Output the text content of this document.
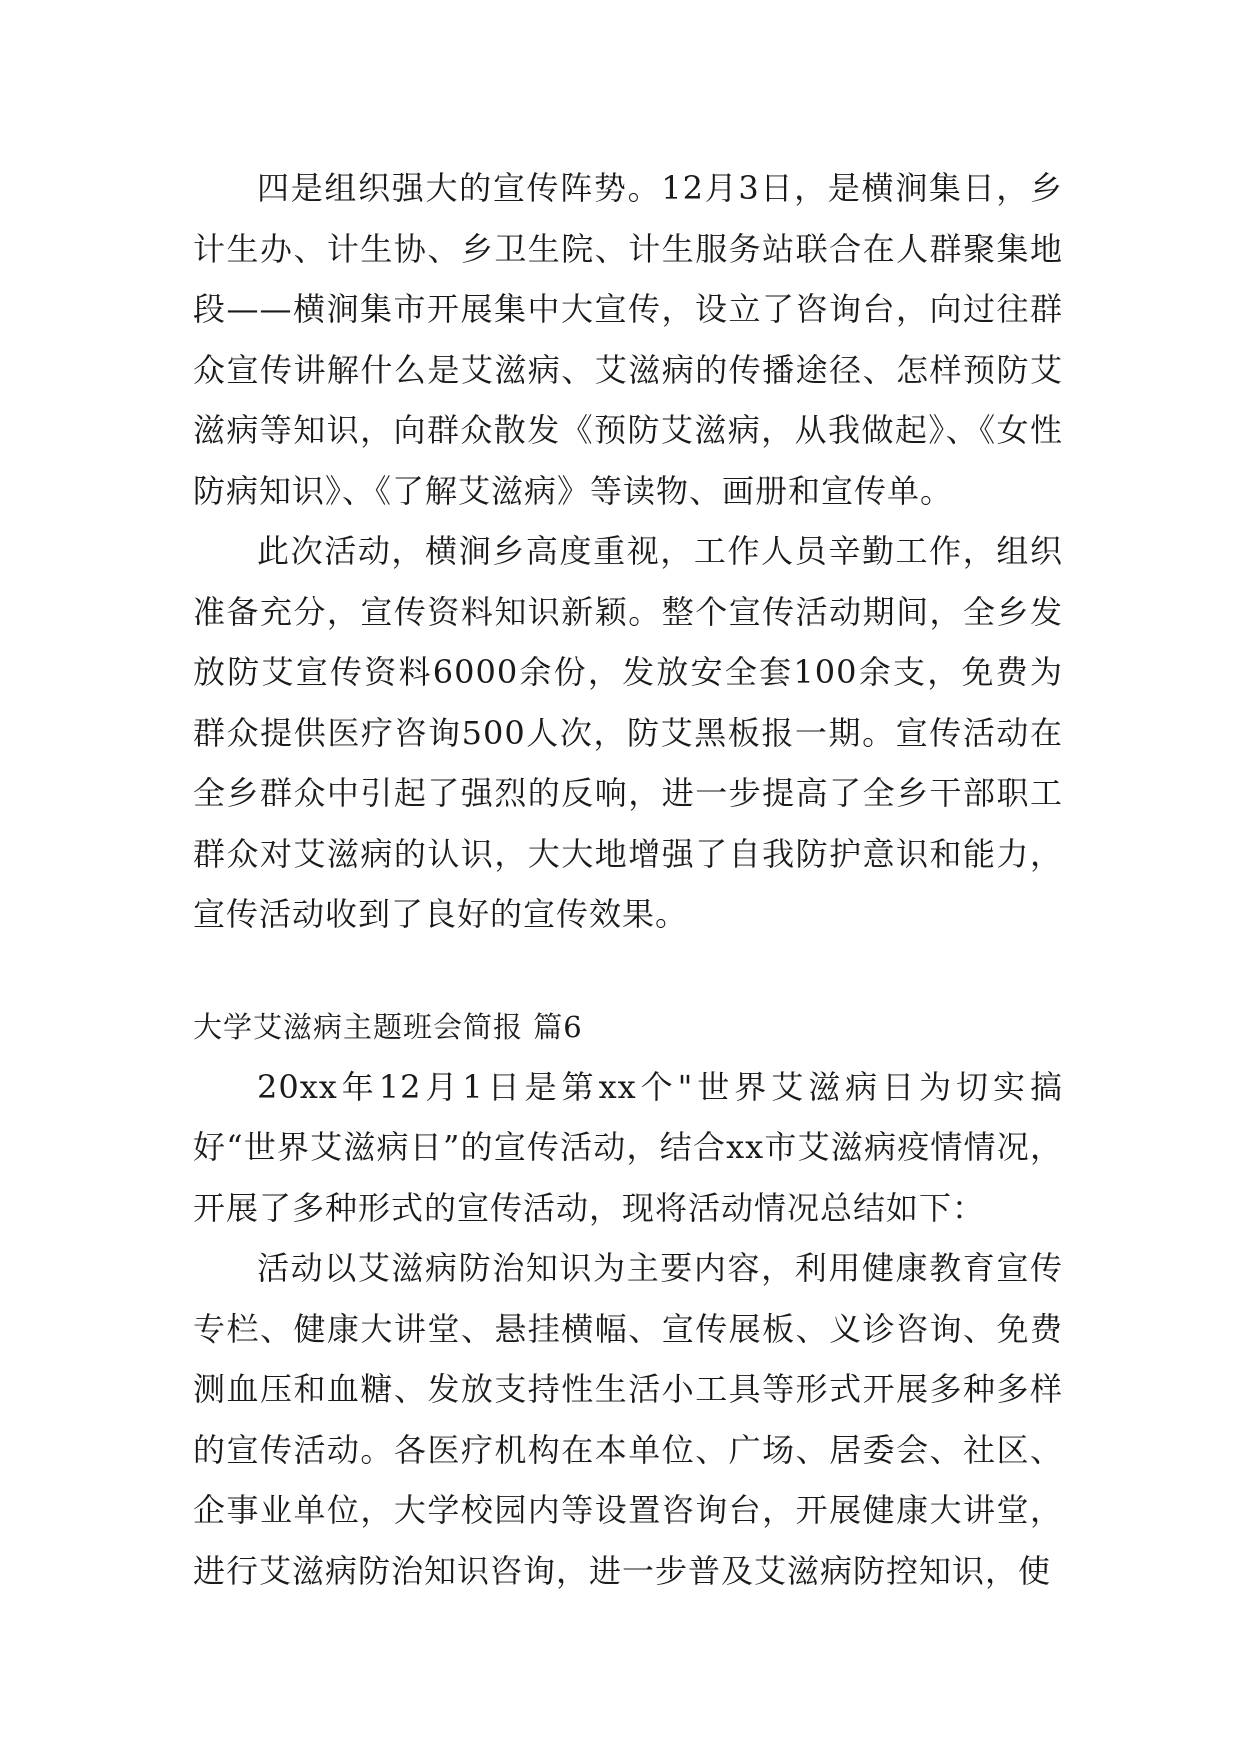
四是组织强大的宣传阵势。12月3日，是横涧集日，乡计生办、计生协、乡卫生院、计生服务站联合在人群聚集地段——横涧集市开展集中大宣传，设立了咨询台，向过往群众宣传讲解什么是艾滋病、艾滋病的传播途径、怎样预防艾滋病等知识，向群众散发《预防艾滋病，从我做起》、《女性防病知识》、《了解艾滋病》等读物、画册和宣传单。

此次活动，横涧乡高度重视，工作人员辛勤工作，组织准备充分，宣传资料知识新颖。整个宣传活动期间，全乡发放防艾宣传资料6000余份，发放安全套100余支，免费为群众提供医疗咨询500人次，防艾黑板报一期。宣传活动在全乡群众中引起了强烈的反响，进一步提高了全乡干部职工群众对艾滋病的认识，大大地增强了自我防护意识和能力，宣传活动收到了良好的宣传效果。

大学艾滋病主题班会简报 篇6

20xx年12月1日是第xx个"世界艾滋病日为切实搞好“世界艾滋病日”的宣传活动，结合xx市艾滋病疫情情况，开展了多种形式的宣传活动，现将活动情况总结如下：

活动以艾滋病防治知识为主要内容，利用健康教育宣传专栏、健康大讲堂、悬挂横幅、宣传展板、义诊咨询、免费测血压和血糖、发放支持性生活小工具等形式开展多种多样的宣传活动。各医疗机构在本单位、广场、居委会、社区、企事业单位，大学校园内等设置咨询台，开展健康大讲堂，进行艾滋病防治知识咨询，进一步普及艾滋病防控知识，使
